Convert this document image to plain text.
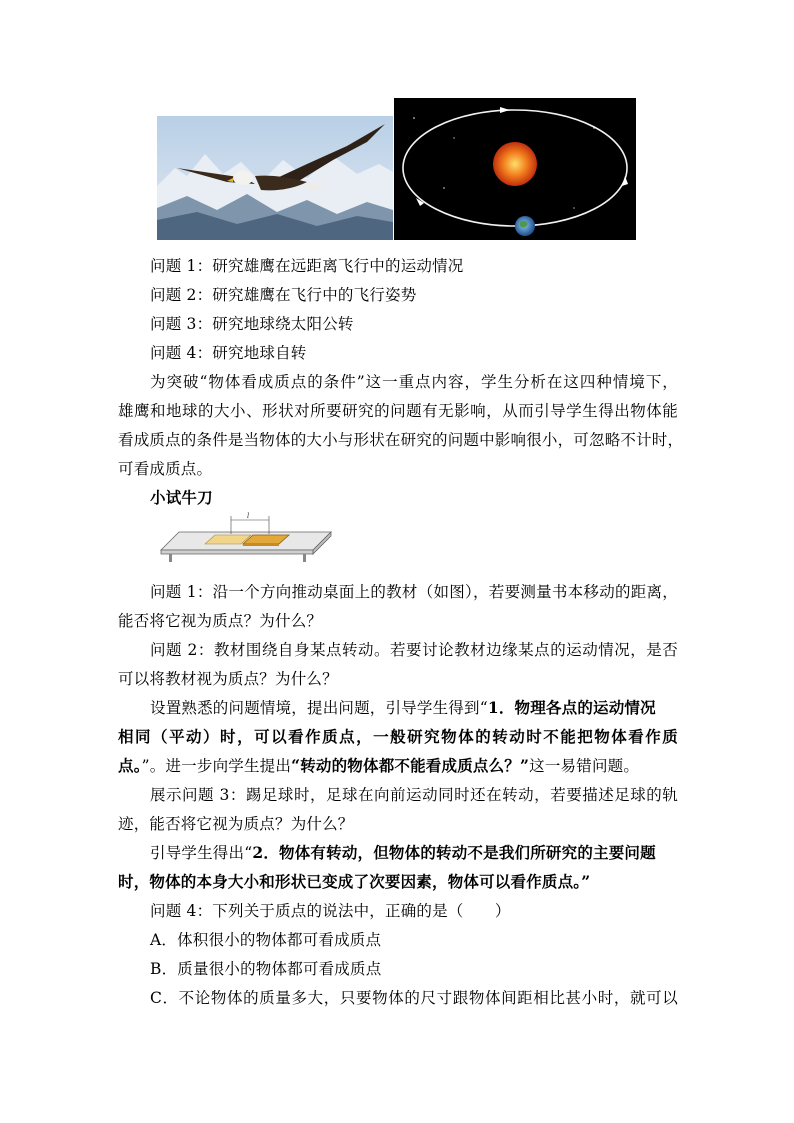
问题 1：研究雄鹰在远距离飞行中的运动情况
问题 2：研究雄鹰在飞行中的飞行姿势
问题 3：研究地球绕太阳公转
问题 4：研究地球自转
为突破“物体看成质点的条件”这一重点内容，学生分析在这四种情境下，
雄鹰和地球的大小、形状对所要研究的问题有无影响，从而引导学生得出物体能
看成质点的条件是当物体的大小与形状在研究的问题中影响很小，可忽略不计时，
可看成质点。
小试牛刀
l
问题 1：沿一个方向推动桌面上的教材（如图），若要测量书本移动的距离，
能否将它视为质点？为什么？
问题 2：教材围绕自身某点转动。若要讨论教材边缘某点的运动情况，是否
可以将教材视为质点？为什么？
设置熟悉的问题情境，提出问题，引导学生得到“1．物理各点的运动情况
相同（平动）时，可以看作质点，一般研究物体的转动时不能把物体看作质
点。”。进一步向学生提出“转动的物体都不能看成质点么？”这一易错问题。
展示问题 3：踢足球时，足球在向前运动同时还在转动，若要描述足球的轨
迹，能否将它视为质点？为什么？
引导学生得出“2．物体有转动，但物体的转动不是我们所研究的主要问题
时，物体的本身大小和形状已变成了次要因素，物体可以看作质点。”
问题 4：下列关于质点的说法中，正确的是（　　）
A．体积很小的物体都可看成质点
B．质量很小的物体都可看成质点
C．不论物体的质量多大，只要物体的尺寸跟物体间距相比甚小时，就可以
